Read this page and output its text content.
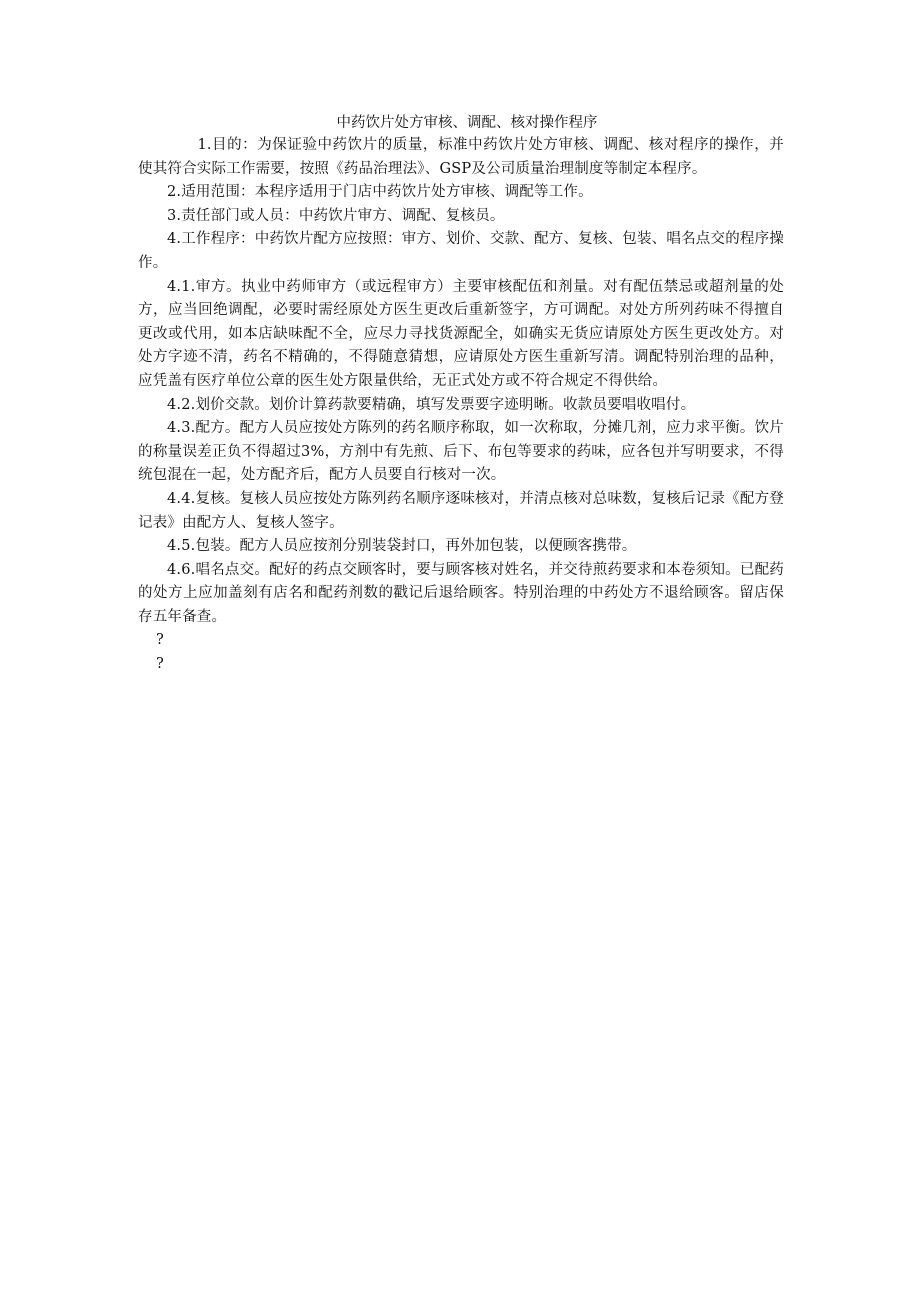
中药饮片处方审核、调配、核对操作程序

1.目的：为保证验中药饮片的质量，标准中药饮片处方审核、调配、核对程序的操作，并使其符合实际工作需要，按照《药品治理法》、GSP及公司质量治理制度等制定本程序。

2.适用范围：本程序适用于门店中药饮片处方审核、调配等工作。

3.责任部门或人员：中药饮片审方、调配、复核员。

4.工作程序：中药饮片配方应按照：审方、划价、交款、配方、复核、包装、唱名点交的程序操作。

4.1.审方。执业中药师审方（或远程审方）主要审核配伍和剂量。对有配伍禁忌或超剂量的处方，应当回绝调配，必要时需经原处方医生更改后重新签字，方可调配。对处方所列药味不得擅自更改或代用，如本店缺味配不全，应尽力寻找货源配全，如确实无货应请原处方医生更改处方。对处方字迹不清，药名不精确的，不得随意猜想，应请原处方医生重新写清。调配特别治理的品种，应凭盖有医疗单位公章的医生处方限量供给，无正式处方或不符合规定不得供给。

4.2.划价交款。划价计算药款要精确，填写发票要字迹明晰。收款员要唱收唱付。

4.3.配方。配方人员应按处方陈列的药名顺序称取，如一次称取，分摊几剂，应力求平衡。饮片的称量误差正负不得超过3%，方剂中有先煎、后下、布包等要求的药味，应各包并写明要求，不得统包混在一起，处方配齐后，配方人员要自行核对一次。

4.4.复核。复核人员应按处方陈列药名顺序逐味核对，并清点核对总味数，复核后记录《配方登记表》由配方人、复核人签字。

4.5.包装。配方人员应按剂分别装袋封口，再外加包装，以便顾客携带。

4.6.唱名点交。配好的药点交顾客时，要与顾客核对姓名，并交待煎药要求和本卷须知。已配药的处方上应加盖刻有店名和配药剂数的戳记后退给顾客。特别治理的中药处方不退给顾客。留店保存五年备查。

?

?
